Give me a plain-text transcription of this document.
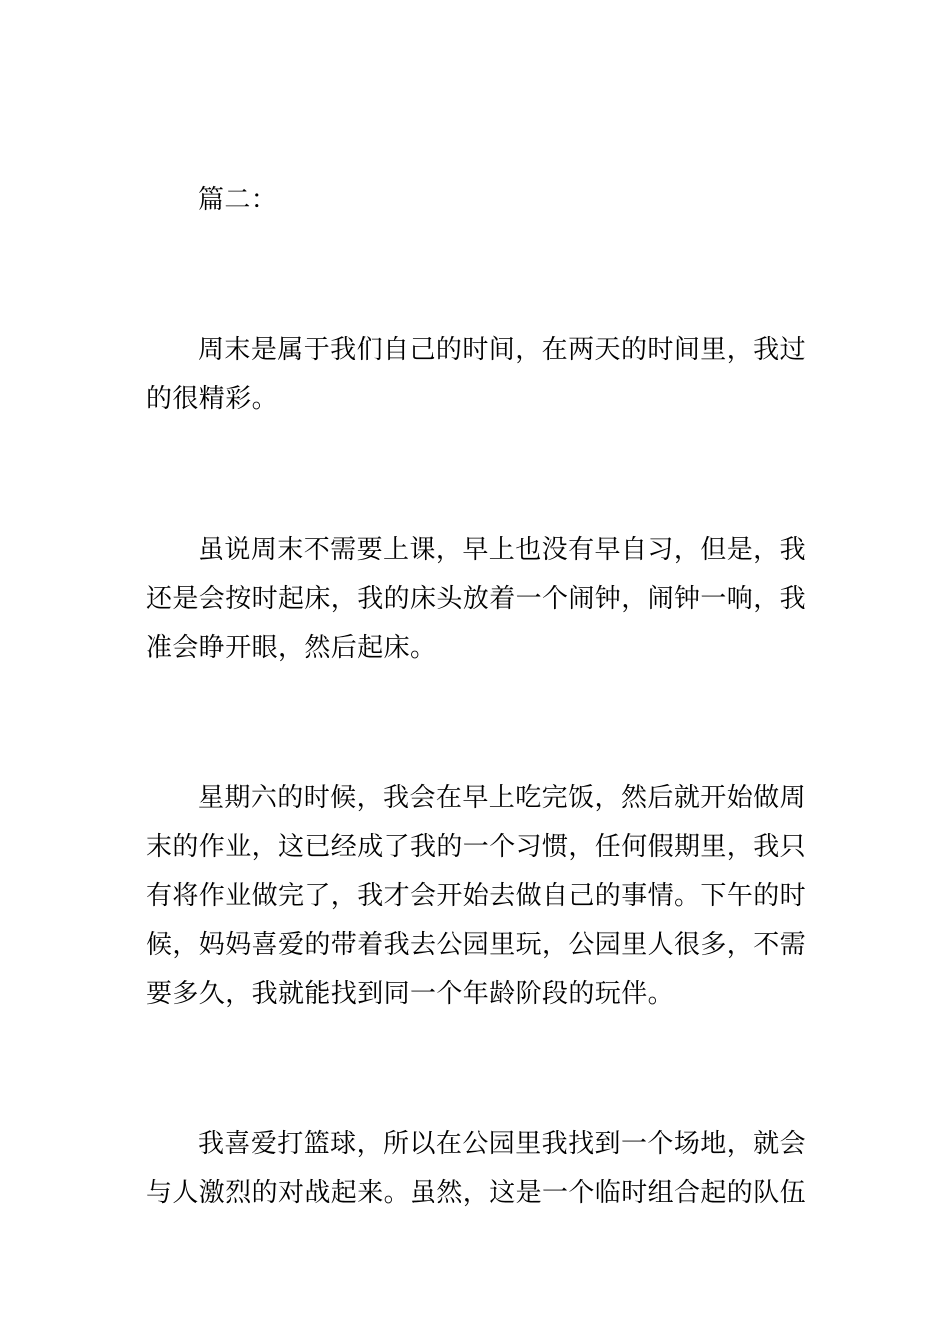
篇二：

周末是属于我们自己的时间，在两天的时间里，我过的很精彩。

虽说周末不需要上课，早上也没有早自习，但是，我还是会按时起床，我的床头放着一个闹钟，闹钟一响，我准会睁开眼，然后起床。

星期六的时候，我会在早上吃完饭，然后就开始做周末的作业，这已经成了我的一个习惯，任何假期里，我只有将作业做完了，我才会开始去做自己的事情。下午的时候，妈妈喜爱的带着我去公园里玩，公园里人很多，不需要多久，我就能找到同一个年龄阶段的玩伴。

我喜爱打篮球，所以在公园里我找到一个场地，就会与人激烈的对战起来。虽然，这是一个临时组合起的队伍
